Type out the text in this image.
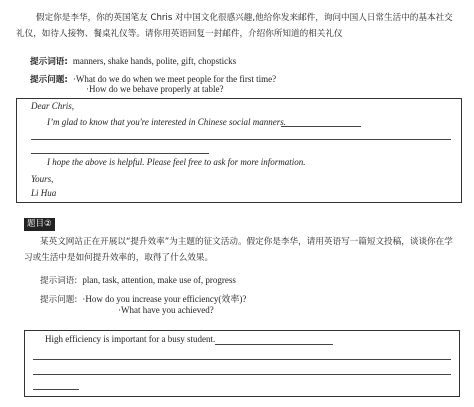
假定你是李华，你的英国笔友 Chris 对中国文化很感兴趣,他给你发来邮件，询问中国人日常生活中的基本社交
礼仪，如待人接物、餐桌礼仪等。请你用英语回复一封邮件，介绍你所知道的相关礼仪
提示词语: manners, shake hands, polite, gift, chopsticks
提示问题: ·What do we do when we meet people for the first time?
·How do we behave properly at table?
Dear Chris,
I’m glad to know that you're interested in Chinese social manners.
I hope the above is helpful. Please feel free to ask for more information.
Yours,
Li Hua
题目②
某英文网站正在开展以“提升效率”为主题的征文活动。假定你是李华，请用英语写一篇短文投稿，谈谈你在学
习或生活中是如何提升效率的，取得了什么效果。
提示词语: plan, task, attention, make use of, progress
提示问题: ·How do you increase your efficiency(效率)?
·What have you achieved?
High efficiency is important for a busy student.
